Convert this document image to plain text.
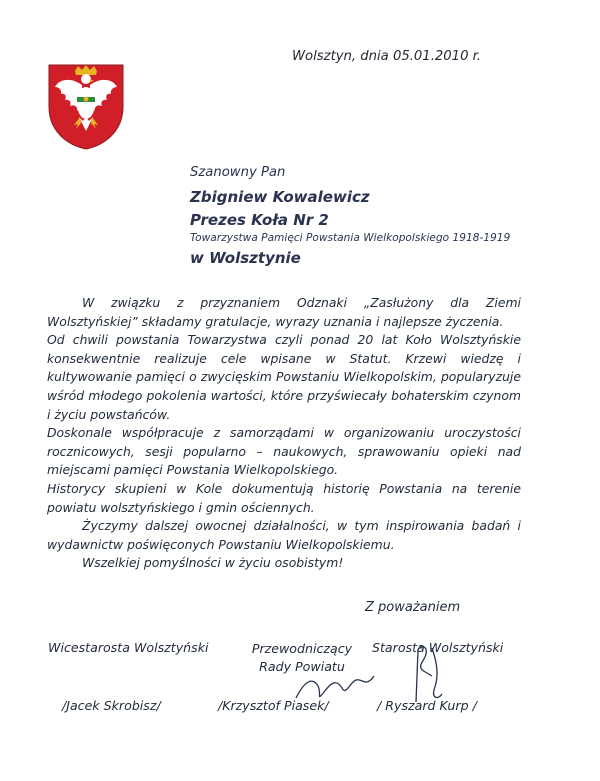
Wolsztyn, dnia 05.01.2010 r.
Szanowny Pan
Zbigniew Kowalewicz
Prezes Koła Nr 2
Towarzystwa Pamięci Powstania Wielkopolskiego 1918-1919
w Wolsztynie

W związku z przyznaniem Odznaki „Zasłużony dla Ziemi Wolsztyńskiej” składamy gratulacje, wyrazy uznania i najlepsze życzenia.

Od chwili powstania Towarzystwa czyli ponad 20 lat Koło Wolsztyńskie konsekwentnie realizuje cele wpisane w Statut. Krzewi wiedzę i kultywowanie pamięci o zwycięskim Powstaniu Wielkopolskim, popularyzuje wśród młodego pokolenia wartości, które przyświecały bohaterskim czynom i życiu powstańców.

Doskonale współpracuje z samorządami w organizowaniu uroczystości rocznicowych, sesji popularno – naukowych, sprawowaniu opieki nad miejscami pamięci Powstania Wielkopolskiego.

Historycy skupieni w Kole dokumentują historię Powstania na terenie powiatu wolsztyńskiego i gmin ościennych.

Życzymy dalszej owocnej działalności, w tym inspirowania badań i wydawnictw poświęconych Powstaniu Wielkopolskiemu.

Wszelkiej pomyślności w życiu osobistym!

Z poważaniem
Wicestarosta Wolsztyński	Przewodniczący
Rady Powiatu
Starosta Wolsztyński
/Jacek Skrobisz/	/Krzysztof Piasek/	/ Ryszard Kurp /
